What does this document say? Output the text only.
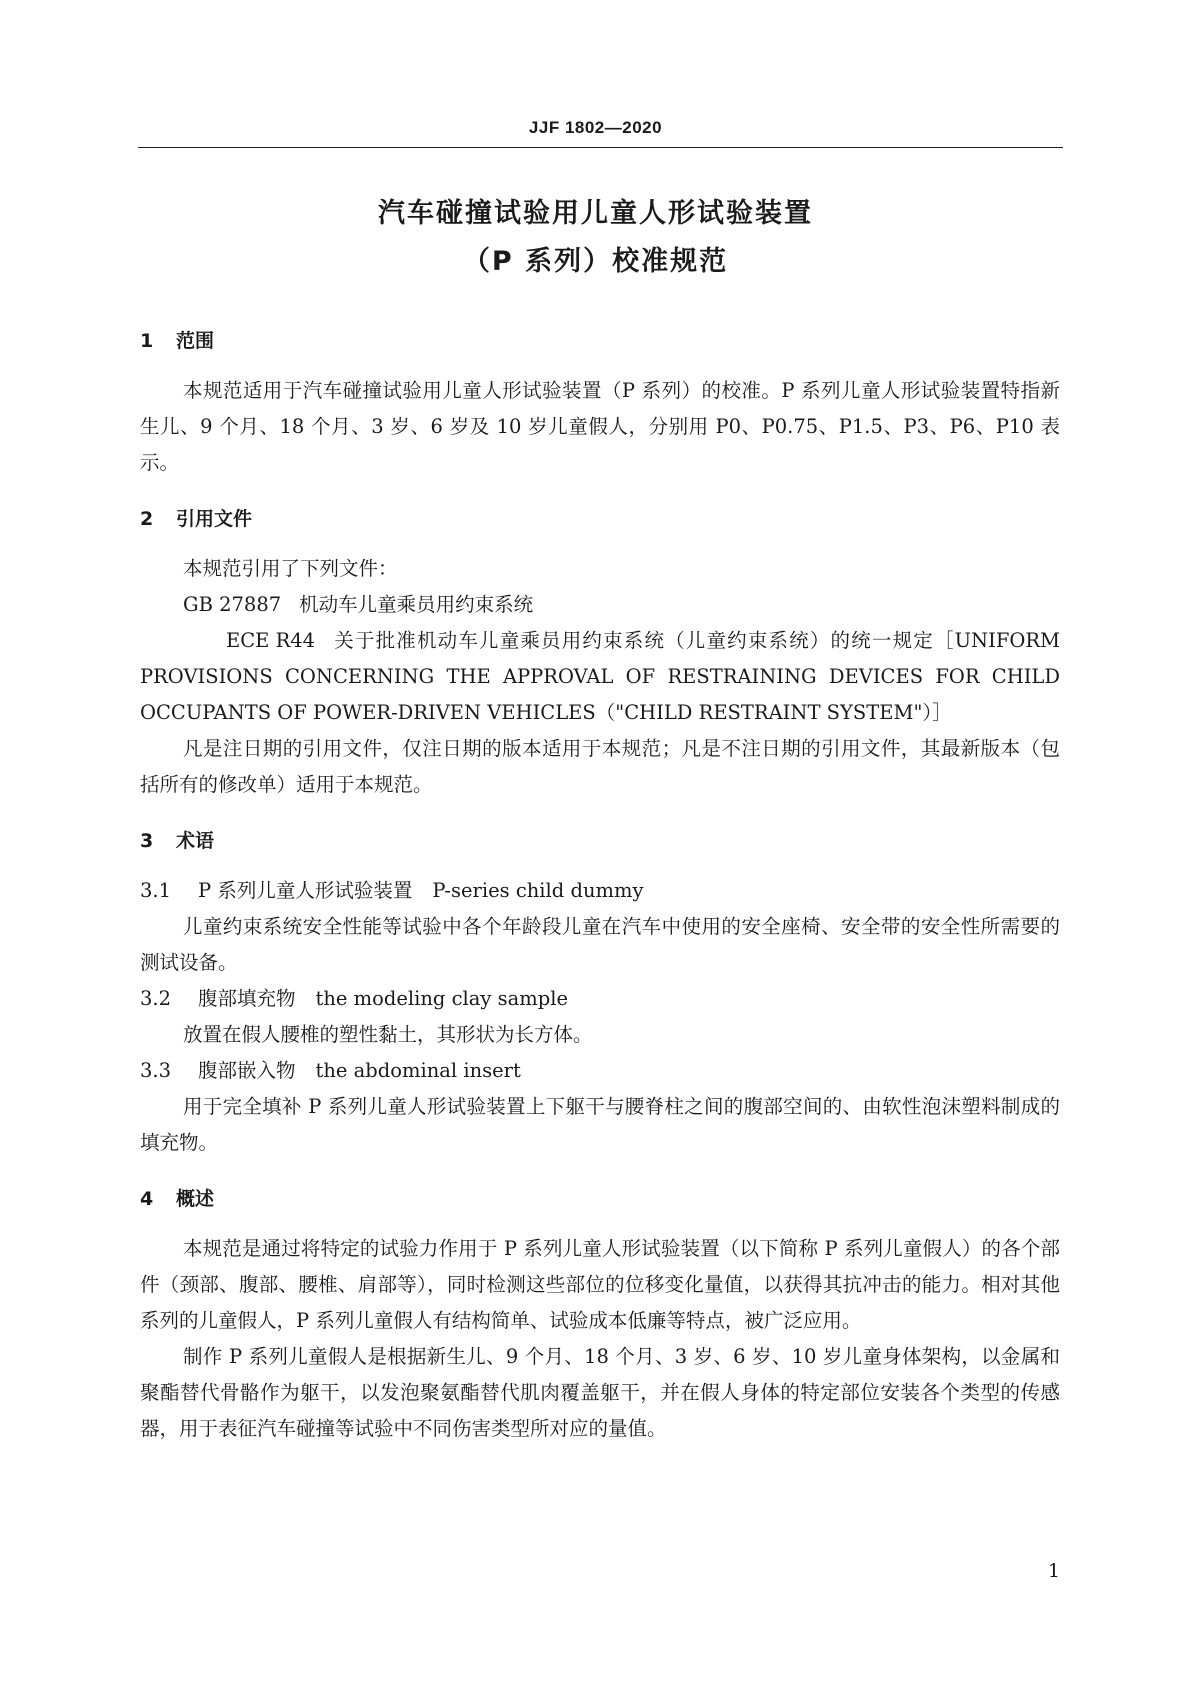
JJF 1802—2020
汽车碰撞试验用儿童人形试验装置
（P 系列）校准规范
1	范围

本规范适用于汽车碰撞试验用儿童人形试验装置（P 系列）的校准。P 系列儿童人形试验装置特指新生儿、9 个月、18 个月、3 岁、6 岁及 10 岁儿童假人，分别用 P0、P0.75、P1.5、P3、P6、P10 表示。

2	引用文件
本规范引用了下列文件：
GB 27887 机动车儿童乘员用约束系统

ECE R44 关于批准机动车儿童乘员用约束系统（儿童约束系统）的统一规定［UNIFORM PROVISIONS CONCERNING THE APPROVAL OF RESTRAINING DEVICES FOR CHILD OCCUPANTS OF POWER-DRIVEN VEHICLES（"CHILD RESTRAINT SYSTEM"）］

凡是注日期的引用文件，仅注日期的版本适用于本规范；凡是不注日期的引用文件，其最新版本（包括所有的修改单）适用于本规范。

3	术语
3.1 P 系列儿童人形试验装置 P-series child dummy

儿童约束系统安全性能等试验中各个年龄段儿童在汽车中使用的安全座椅、安全带的安全性所需要的测试设备。

3.2 腹部填充物 the modeling clay sample

放置在假人腰椎的塑性黏土，其形状为长方体。

3.3 腹部嵌入物 the abdominal insert

用于完全填补 P 系列儿童人形试验装置上下躯干与腰脊柱之间的腹部空间的、由软性泡沫塑料制成的填充物。

4	概述

本规范是通过将特定的试验力作用于 P 系列儿童人形试验装置（以下简称 P 系列儿童假人）的各个部件（颈部、腹部、腰椎、肩部等），同时检测这些部位的位移变化量值，以获得其抗冲击的能力。相对其他系列的儿童假人，P 系列儿童假人有结构简单、试验成本低廉等特点，被广泛应用。

制作 P 系列儿童假人是根据新生儿、9 个月、18 个月、3 岁、6 岁、10 岁儿童身体架构，以金属和聚酯替代骨骼作为躯干，以发泡聚氨酯替代肌肉覆盖躯干，并在假人身体的特定部位安装各个类型的传感器，用于表征汽车碰撞等试验中不同伤害类型所对应的量值。

1
